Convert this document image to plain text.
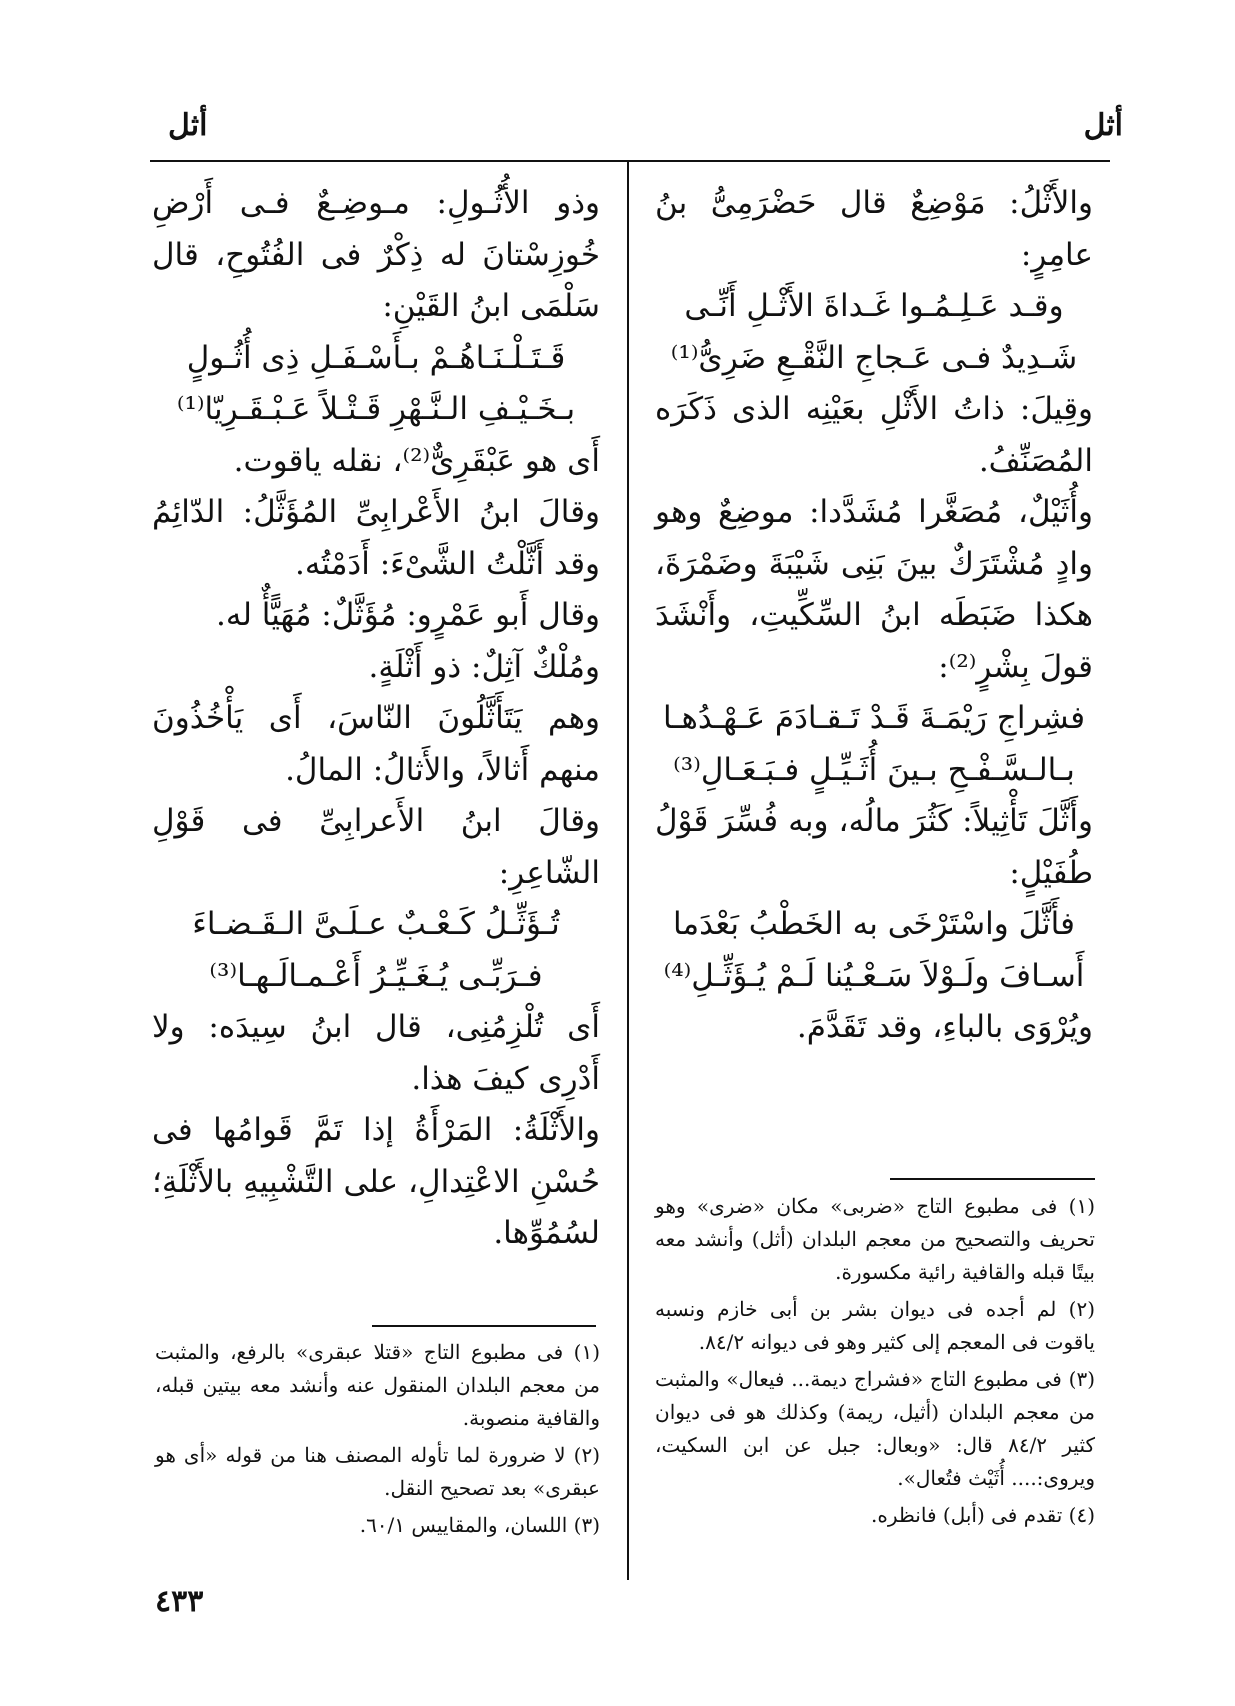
أثل
أثل
والأَثْلُ: مَوْضِعٌ قال حَضْرَمِىُّ بنُ عامِرٍ:
وقـد عَـلِـمُـوا غَـداةَ الأَثْـلِ أَنِّـى
شَـدِيدٌ فـى عَـجاجِ النَّقْـعِ ضَرِىُّ⁽¹⁾
وقِيلَ: ذاتُ الأَثْلِ بعَيْنِه الذى ذَكَرَه المُصَنِّفُ.
وأُثَيْلٌ، مُصَغَّرا مُشَدَّدا: موضِعٌ وهو وادٍ مُشْتَرَكٌ بينَ بَنِى شَيْبَةَ وضَمْرَةَ، هكذا ضَبَطَه ابنُ السِّكِّيتِ، وأَنْشَدَ قولَ بِشْرٍ⁽²⁾:
فشِراجِ رَيْمَـةَ قَـدْ تَـقـادَمَ عَـهْـدُهـا
بـالـسَّـفْـحِ بـينَ أُثَـيِّـلٍ فـبَـعَـالِ⁽³⁾
وأَثَّلَ تَأْثِيلاً: كَثُرَ مالُه، وبه فُسِّرَ قَوْلُ طُفَيْلٍ:
فأَثَّلَ واسْتَرْخَى به الخَطْبُ بَعْدَما
أَسـافَ ولَـوْلاَ سَـعْـيُنا لَـمْ يُـؤَثِّـلِ⁽⁴⁾
ويُرْوَى بالباءِ، وقد تَقَدَّمَ.
وذو الأُثُـولِ: مـوضِـعٌ فـى أَرْضِ خُوزِسْتانَ له ذِكْرٌ فى الفُتُوحِ، قال سَلْمَى ابنُ القَيْنِ:
قَـتَـلْـنَـاهُـمْ بـأَسْـفَـلِ ذِى أُثُـولٍ
بـخَـيْـفِ الـنَّـهْرِ قَـتْـلاً عَـبْـقَـرِيّا⁽¹⁾
أَى هو عَبْقَرِىٌّ⁽²⁾، نقله ياقوت.
وقالَ ابنُ الأَعْرابِىِّ المُؤَثَّلُ: الدّائِمُ وقد أَثَّلْتُ الشَّىْءَ: أَدَمْتُه.
وقال أَبو عَمْرٍو: مُؤَثَّلٌ: مُهَيًّأٌ له.
ومُلْكٌ آثِلٌ: ذو أَثْلَةٍ.
وهم يَتَأَثَّلُونَ النّاسَ، أَى يَأْخُذُونَ منهم أَثالاً، والأَثالُ: المالُ.
وقالَ ابنُ الأَعرابِىِّ فى قَوْلِ الشّاعِرِ:
تُـؤَثِّـلُ كَـعْـبٌ عـلَـىَّ الـقَـضـاءَ
فـرَبِّـى يُـغَـيِّـرُ أَعْـمـالَـهـا⁽³⁾
أَى تُلْزِمُنِى، قال ابنُ سِيدَه: ولا أَدْرِى كيفَ هذا.
والأَثْلَةُ: المَرْأَةُ إذا تَمَّ قَوامُها فى حُسْنِ الاعْتِدالِ، على التَّشْبِيهِ بالأَثْلَةِ؛ لسُمُوِّها.
(١) فى مطبوع التاج «ضربى» مكان «ضرى» وهو تحريف والتصحيح من معجم البلدان (أثل) وأنشد معه بيتًا قبله والقافية رائية مكسورة.
(٢) لم أجده فى ديوان بشر بن أبى خازم ونسبه ياقوت فى المعجم إلى كثير وهو فى ديوانه ٨٤/٢.
(٣) فى مطبوع التاج «فشراج ديمة... فيعال» والمثبت من معجم البلدان (أثيل، ريمة) وكذلك هو فى ديوان كثير ٨٤/٢ قال: «وبعال: جبل عن ابن السكيت، ويروى:.... أُثَيْث فتُعال».
(٤) تقدم فى (أبل) فانظره.
(١) فى مطبوع التاج «قتلا عبقرى» بالرفع، والمثبت من معجم البلدان المنقول عنه وأنشد معه بيتين قبله، والقافية منصوبة.
(٢) لا ضرورة لما تأوله المصنف هنا من قوله «أى هو عبقرى» بعد تصحيح النقل.
(٣) اللسان، والمقاييس ٦٠/١.
٤٣٣
